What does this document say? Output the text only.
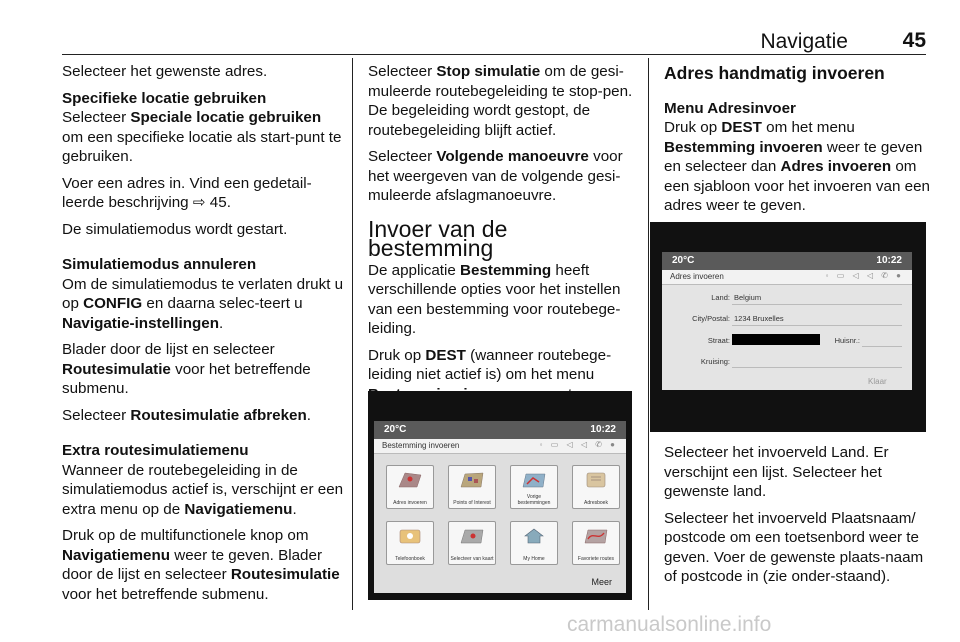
Navigatie	45

Selecteer het gewenste adres.

Specifieke locatie gebruiken

Selecteer Speciale locatie gebruiken om een specifieke locatie als start-punt te gebruiken.

Voer een adres in. Vind een gedetail-leerde beschrijving ⇨ 45.

De simulatiemodus wordt gestart.

Simulatiemodus annuleren

Om de simulatiemodus te verlaten drukt u op CONFIG en daarna selec-teert u Navigatie-instellingen.

Blader door de lijst en selecteer Routesimulatie voor het betreffende submenu.

Selecteer Routesimulatie afbreken.

Extra routesimulatiemenu

Wanneer de routebegeleiding in de simulatiemodus actief is, verschijnt er een extra menu op de Navigatiemenu.

Druk op de multifunctionele knop om Navigatiemenu weer te geven. Blader door de lijst en selecteer Routesimulatie voor het betreffende submenu.

Selecteer Stop simulatie om de gesi-muleerde routebegeleiding te stop-pen. De begeleiding wordt gestopt, de routebegeleiding blijft actief.

Selecteer Volgende manoeuvre voor het weergeven van de volgende gesi-muleerde afslagmanoeuvre.

Invoer van de bestemming

De applicatie Bestemming heeft verschillende opties voor het instellen van een bestemming voor routebege-leiding.

Druk op DEST (wanneer routebege-leiding niet actief is) om het menu

20°C	10:22
Bestemming invoeren	◦ ▭ ◁ ◁ ✆ ●
Adres invoeren	Points of Interest
Vorige bestemmingen	Adresboek
Telefoonboek	Selecteer van kaart	My Home	Favoriete routes
Meer
Adres handmatig invoeren
Menu Adresinvoer

Druk op DEST om het menu Bestemming invoeren weer te geven en selecteer dan Adres invoeren om een sjabloon voor het invoeren van een adres weer te geven.

20°C	10:22
Adres invoeren	◦ ▭ ◁ ◁ ✆ ●
Land: Belgium
City/Postal: 1234 Bruxelles
Straat:	Huisnr.:
Kruising:
Klaar

Selecteer het invoerveld Land. Er verschijnt een lijst. Selecteer het gewenste land.

Selecteer het invoerveld Plaatsnaam/ postcode om een toetsenbord weer te geven. Voer de gewenste plaats-naam of postcode in (zie onder-staand).

carmanualsonline.info
